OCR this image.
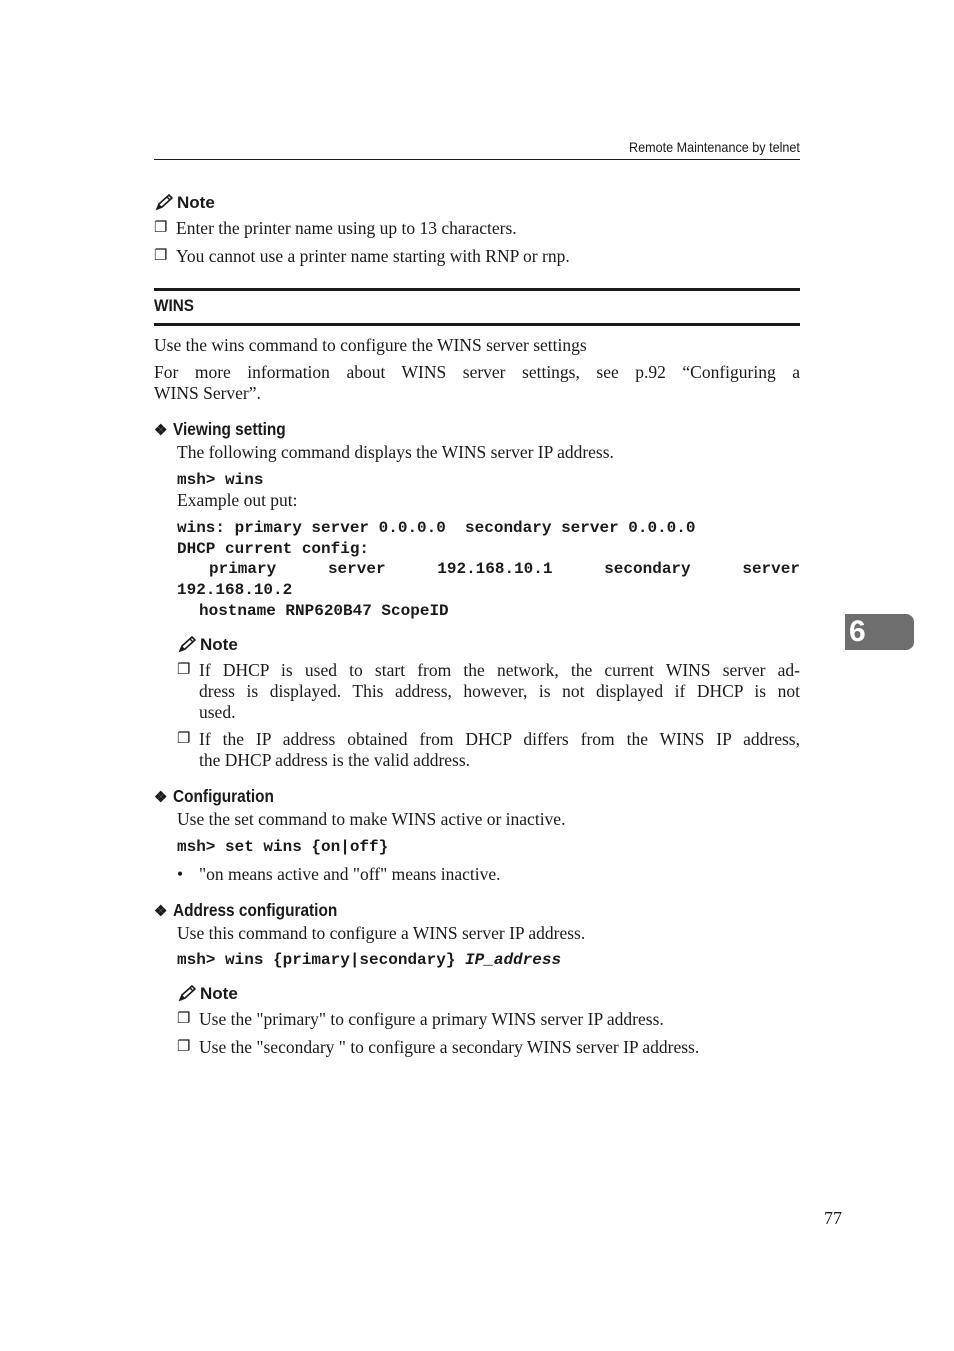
Remote Maintenance by telnet
Note
❐ Enter the printer name using up to 13 characters.
❐ You cannot use a printer name starting with RNP or rnp.
WINS
Use the wins command to configure the WINS server settings
For more information about WINS server settings, see p.92 “Configuring a
WINS Server”.
❖ Viewing setting
The following command displays the WINS server IP address.
msh> wins
Example out put:
wins: primary server 0.0.0.0  secondary server 0.0.0.0
DHCP current config:
primary	server	192.168.10.1	secondary	server
192.168.10.2
hostname RNP620B47 ScopeID
Note
❐ If DHCP is used to start from the network, the current WINS server ad-
dress is displayed. This address, however, is not displayed if DHCP is not
used.
❐ If the IP address obtained from DHCP differs from the WINS IP address,
the DHCP address is the valid address.
❖ Configuration
Use the set command to make WINS active or inactive.
msh> set wins {on|off}
• "on means active and "off" means inactive.
❖ Address configuration
Use this command to configure a WINS server IP address.
msh> wins {primary|secondary} IP_address
Note
❐ Use the "primary" to configure a primary WINS server IP address.
❐ Use the "secondary " to configure a secondary WINS server IP address.
6
77
